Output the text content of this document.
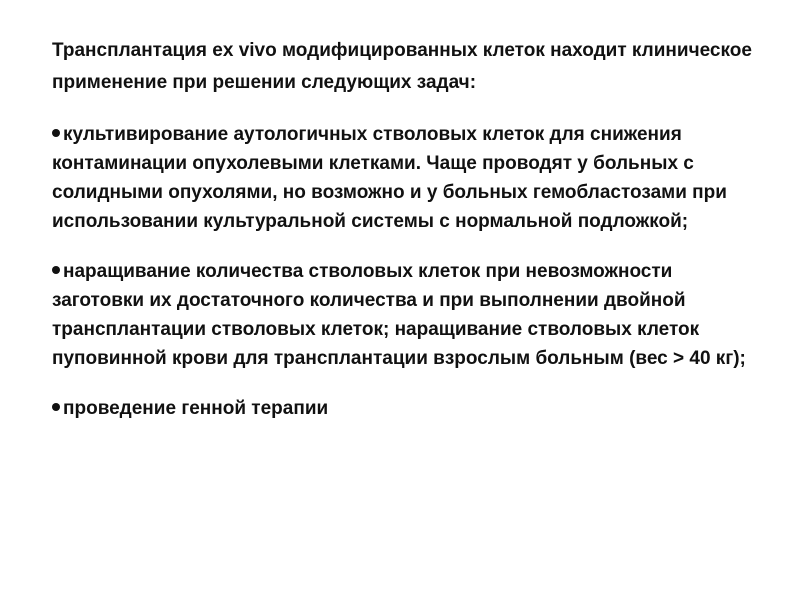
Трансплантация ex vivo модифицированных клеток находит клиническое применение при решении следующих задач:

культивирование аутологичных стволовых клеток для снижения контаминации опухолевыми клетками. Чаще проводят у больных с солидными опухолями, но возможно и у больных гемобластозами при использовании культуральной системы с нормальной подложкой;
наращивание количества стволовых клеток при невозможности заготовки их достаточного количества и при выполнении двойной трансплантации стволовых клеток; наращивание стволовых клеток пуповинной крови для трансплантации взрослым больным (вес > 40 кг);
проведение генной терапии
